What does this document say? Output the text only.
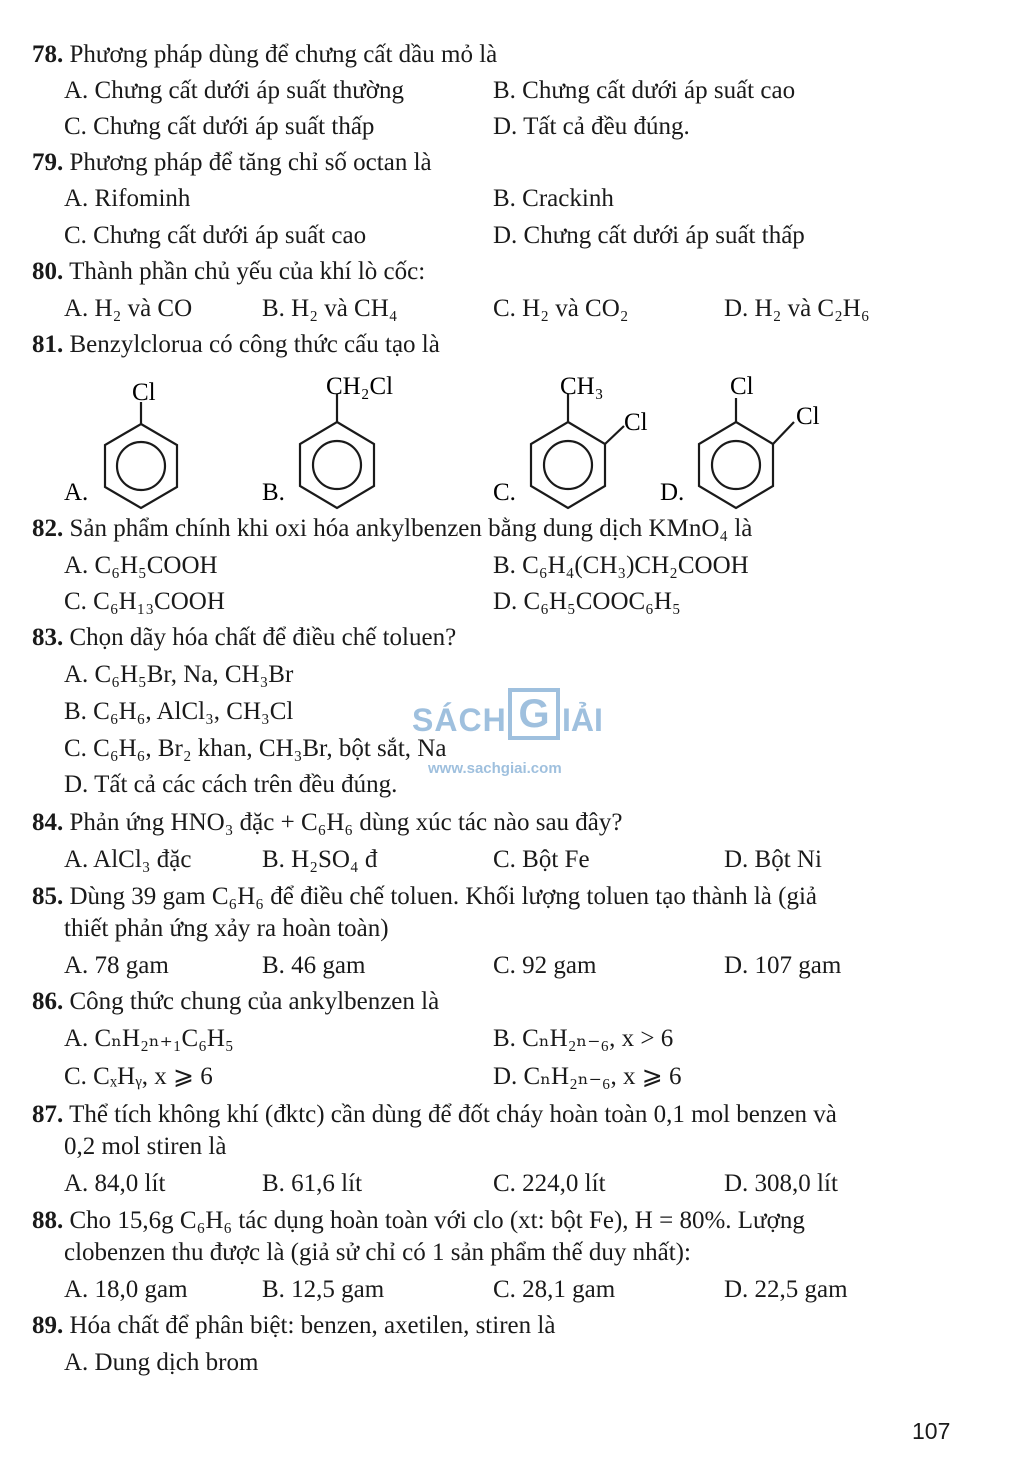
78. Phương pháp dùng để chưng cất dầu mỏ là
A. Chưng cất dưới áp suất thường	B. Chưng cất dưới áp suất cao
C. Chưng cất dưới áp suất thấp	D. Tất cả đều đúng.
79. Phương pháp để tăng chỉ số octan là
A. Rifominh	B. Crackinh
C. Chưng cất dưới áp suất cao	D. Chưng cất dưới áp suất thấp
80. Thành phần chủ yếu của khí lò cốc:
A. H₂ và CO	B. H₂ và CH₄	C. H₂ và CO₂	D. H₂ và C₂H₆
81. Benzylclorua có công thức cấu tạo là
Cl
A.
CH₂Cl
B.
CH₃
Cl
C.
Cl
Cl
D.
82. Sản phẩm chính khi oxi hóa ankylbenzen bằng dung dịch KMnO₄ là
A. C₆H₅COOH	B. C₆H₄(CH₃)CH₂COOH
C. C₆H₁₃COOH	D. C₆H₅COOC₆H₅
83. Chọn dãy hóa chất để điều chế toluen?
A. C₆H₅Br, Na, CH₃Br
B. C₆H₆, AlCl₃, CH₃Cl
C. C₆H₆, Br₂ khan, CH₃Br, bột sắt, Na
D. Tất cả các cách trên đều đúng.
SÁCH G IẢI
www.sachgiai.com
84. Phản ứng HNO₃ đặc + C₆H₆ dùng xúc tác nào sau đây?
A. AlCl₃ đặc	B. H₂SO₄ đ	C. Bột Fe	D. Bột Ni
85. Dùng 39 gam C₆H₆ để điều chế toluen. Khối lượng toluen tạo thành là (giả
thiết phản ứng xảy ra hoàn toàn)
A. 78 gam	B. 46 gam	C. 92 gam	D. 107 gam
86. Công thức chung của ankylbenzen là
A. CₙH₂ₙ₊₁C₆H₅	B. CₙH₂ₙ₋₆, x > 6
C. CₓHᵧ, x ⩾ 6	D. CₙH₂ₙ₋₆, x ⩾ 6
87. Thể tích không khí (đktc) cần dùng để đốt cháy hoàn toàn 0,1 mol benzen và
0,2 mol stiren là
A. 84,0 lít	B. 61,6 lít	C. 224,0 lít	D. 308,0 lít
88. Cho 15,6g C₆H₆ tác dụng hoàn toàn với clo (xt: bột Fe), H = 80%. Lượng
clobenzen thu được là (giả sử chỉ có 1 sản phẩm thế duy nhất):
A. 18,0 gam	B. 12,5 gam	C. 28,1 gam	D. 22,5 gam
89. Hóa chất để phân biệt: benzen, axetilen, stiren là
A. Dung dịch brom
107
